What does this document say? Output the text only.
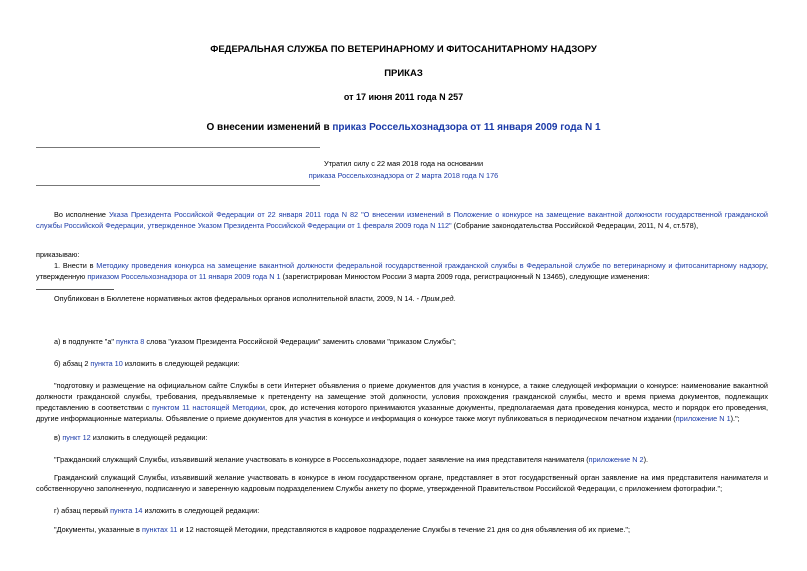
ФЕДЕРАЛЬНАЯ СЛУЖБА ПО ВЕТЕРИНАРНОМУ И ФИТОСАНИТАРНОМУ НАДЗОРУ
ПРИКАЗ
от 17 июня 2011 года N 257
О внесении изменений в приказ Россельхознадзора от 11 января 2009 года N 1
Утратил силу с 22 мая 2018 года на основании
приказа Россельхознадзора от 2 марта 2018 года N 176
Во исполнение Указа Президента Российской Федерации от 22 января 2011 года N 82 "О внесении изменений в Положение о конкурсе на замещение вакантной должности государственной гражданской службы Российской Федерации, утвержденное Указом Президента Российской Федерации от 1 февраля 2009 года N 112" (Собрание законодательства Российской Федерации, 2011, N 4, ст.578),
приказываю:
1. Внести в Методику проведения конкурса на замещение вакантной должности федеральной государственной гражданской службы в Федеральной службе по ветеринарному и фитосанитарному надзору, утвержденную приказом Россельхознадзора от 11 января 2009 года N 1 (зарегистрирован Минюстом России 3 марта 2009 года, регистрационный N 13465), следующие изменения:
Опубликован в Бюллетене нормативных актов федеральных органов исполнительной власти, 2009, N 14. - Прим.ред.
а) в подпункте "а" пункта 8 слова "указом Президента Российской Федерации" заменить словами "приказом Службы";
б) абзац 2 пункта 10 изложить в следующей редакции:
"подготовку и размещение на официальном сайте Службы в сети Интернет объявления о приеме документов для участия в конкурсе, а также следующей информации о конкурсе: наименование вакантной должности гражданской службы, требования, предъявляемые к претенденту на замещение этой должности, условия прохождения гражданской службы, место и время приема документов, подлежащих представлению в соответствии с пунктом 11 настоящей Методики, срок, до истечения которого принимаются указанные документы, предполагаемая дата проведения конкурса, место и порядок его проведения, другие информационные материалы. Объявление о приеме документов для участия в конкурсе и информация о конкурсе также могут публиковаться в периодическом печатном издании (приложение N 1).";
в) пункт 12 изложить в следующей редакции:
"Гражданский служащий Службы, изъявивший желание участвовать в конкурсе в Россельхознадзоре, подает заявление на имя представителя нанимателя (приложение N 2).
Гражданский служащий Службы, изъявивший желание участвовать в конкурсе в ином государственном органе, представляет в этот государственный орган заявление на имя представителя нанимателя и собственноручно заполненную, подписанную и заверенную кадровым подразделением Службы анкету по форме, утвержденной Правительством Российской Федерации, с приложением фотографии.";
г) абзац первый пункта 14 изложить в следующей редакции:
"Документы, указанные в пунктах 11 и 12 настоящей Методики, представляются в кадровое подразделение Службы в течение 21 дня со дня объявления об их приеме.";
